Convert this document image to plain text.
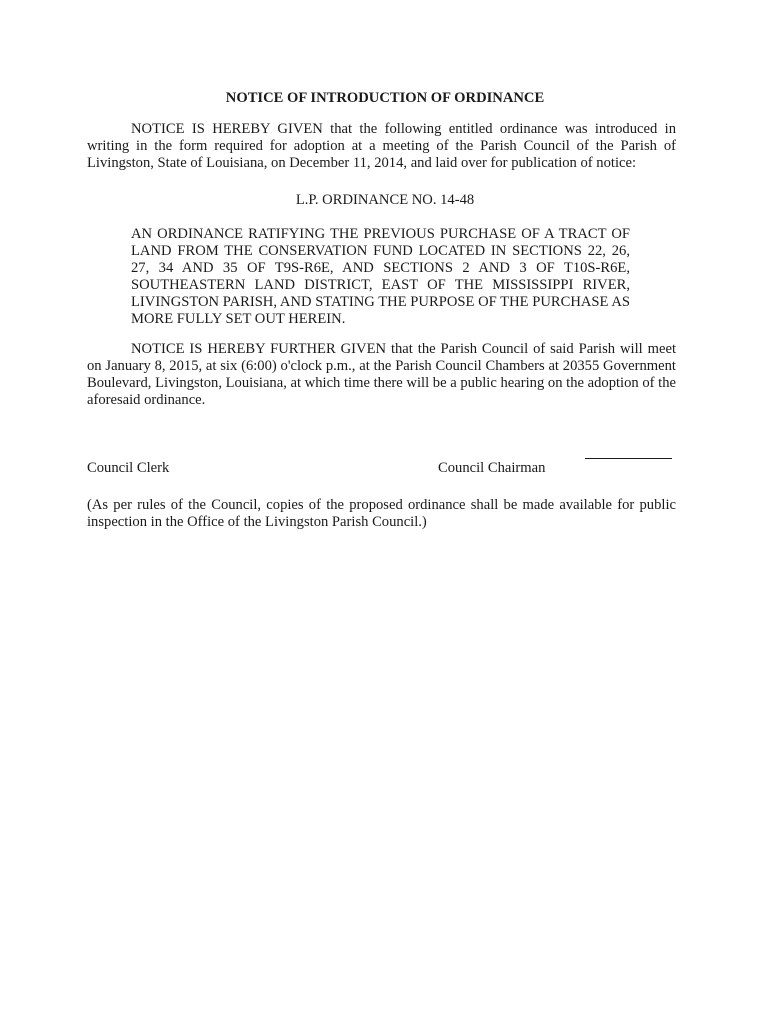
NOTICE OF INTRODUCTION OF ORDINANCE
NOTICE IS HEREBY GIVEN that the following entitled ordinance was introduced in writing in the form required for adoption at a meeting of the Parish Council of the Parish of Livingston, State of Louisiana, on December 11, 2014, and laid over for publication of notice:
L.P. ORDINANCE NO. 14-48
AN ORDINANCE RATIFYING THE PREVIOUS PURCHASE OF A TRACT OF LAND FROM THE CONSERVATION FUND LOCATED IN SECTIONS 22, 26, 27, 34 AND 35 OF T9S-R6E, AND SECTIONS 2 AND 3 OF T10S-R6E, SOUTHEASTERN LAND DISTRICT, EAST OF THE MISSISSIPPI RIVER, LIVINGSTON PARISH, AND STATING THE PURPOSE OF THE PURCHASE AS MORE FULLY SET OUT HEREIN.
NOTICE IS HEREBY FURTHER GIVEN that the Parish Council of said Parish will meet on January 8, 2015, at six (6:00) o'clock p.m., at the Parish Council Chambers at 20355 Government Boulevard, Livingston, Louisiana, at which time there will be a public hearing on the adoption of the aforesaid ordinance.
Council Clerk	Council Chairman
(As per rules of the Council, copies of the proposed ordinance shall be made available for public inspection in the Office of the Livingston Parish Council.)
